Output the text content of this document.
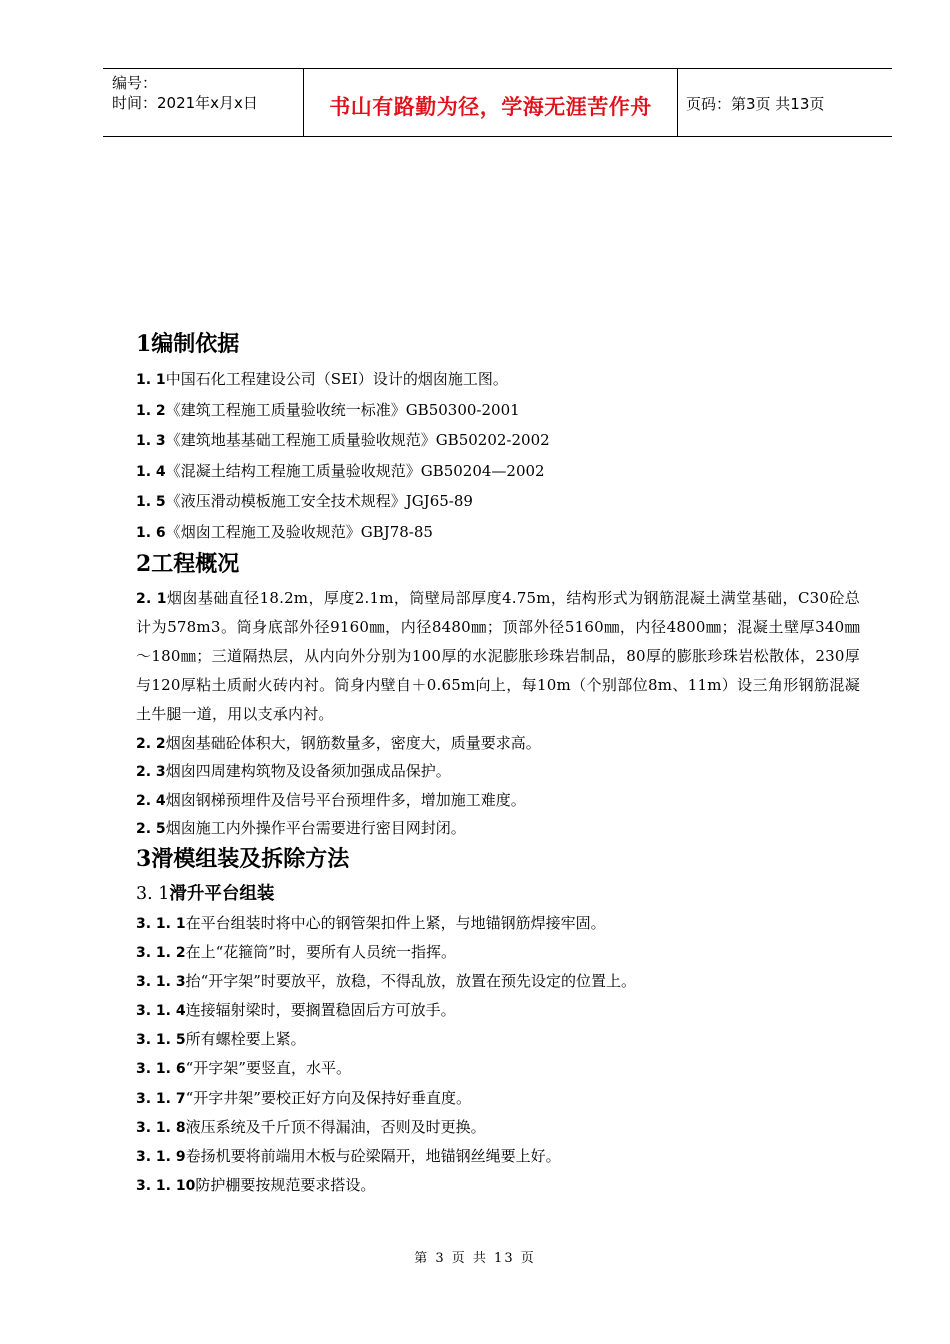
编号：
时间：2021年x月x日	书山有路勤为径，学海无涯苦作舟	页码：第3页 共13页
1编制依据
1. 1中国石化工程建设公司（SEI）设计的烟囱施工图。
1. 2《建筑工程施工质量验收统一标准》GB50300-2001
1. 3《建筑地基基础工程施工质量验收规范》GB50202-2002
1. 4《混凝土结构工程施工质量验收规范》GB50204—2002
1. 5《液压滑动模板施工安全技术规程》JGJ65-89
1. 6《烟囱工程施工及验收规范》GBJ78-85
2工程概况
2. 1烟囱基础直径18.2m，厚度2.1m，筒壁局部厚度4.75m，结构形式为钢筋混凝土满堂基础，C30砼总计为578m3。筒身底部外径9160㎜，内径8480㎜；顶部外径5160㎜，内径4800㎜；混凝土壁厚340㎜～180㎜；三道隔热层，从内向外分别为100厚的水泥膨胀珍珠岩制品，80厚的膨胀珍珠岩松散体，230厚与120厚粘土质耐火砖内衬。筒身内壁自＋0.65m向上，每10m（个别部位8m、11m）设三角形钢筋混凝土牛腿一道，用以支承内衬。
2. 2烟囱基础砼体积大，钢筋数量多，密度大，质量要求高。
2. 3烟囱四周建构筑物及设备须加强成品保护。
2. 4烟囱钢梯预埋件及信号平台预埋件多，增加施工难度。
2. 5烟囱施工内外操作平台需要进行密目网封闭。
3滑模组装及拆除方法
3. 1滑升平台组装
3. 1. 1在平台组装时将中心的钢管架扣件上紧，与地锚钢筋焊接牢固。
3. 1. 2在上“花箍筒”时，要所有人员统一指挥。
3. 1. 3抬“开字架”时要放平，放稳，不得乱放，放置在预先设定的位置上。
3. 1. 4连接辐射梁时，要搁置稳固后方可放手。
3. 1. 5所有螺栓要上紧。
3. 1. 6“开字架”要竖直，水平。
3. 1. 7“开字井架”要校正好方向及保持好垂直度。
3. 1. 8液压系统及千斤顶不得漏油，否则及时更换。
3. 1. 9卷扬机要将前端用木板与砼梁隔开，地锚钢丝绳要上好。
3. 1. 10防护棚要按规范要求搭设。
第 3 页 共 13 页
